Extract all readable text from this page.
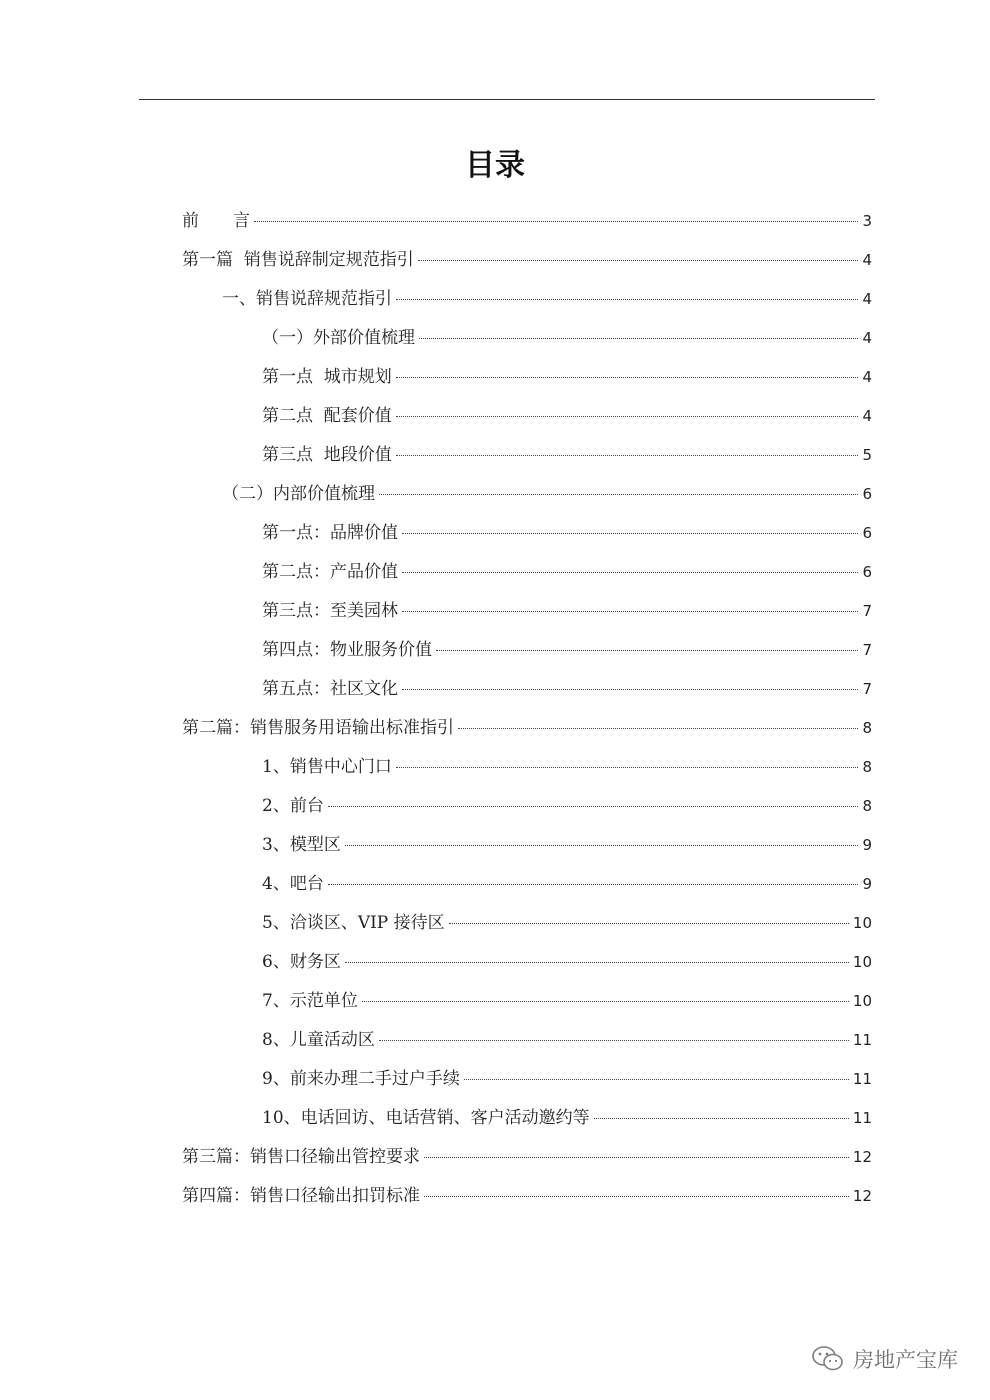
目录
前　　言	3
第一篇  销售说辞制定规范指引	4
一、销售说辞规范指引	4
（一）外部价值梳理	4
第一点  城市规划	4
第二点  配套价值	4
第三点  地段价值	5
（二）内部价值梳理	6
第一点：品牌价值	6
第二点：产品价值	6
第三点：至美园林	7
第四点：物业服务价值	7
第五点：社区文化	7
第二篇：销售服务用语输出标准指引	8
1、销售中心门口	8
2、前台	8
3、模型区	9
4、吧台	9
5、洽谈区、VIP 接待区	10
6、财务区	10
7、示范单位	10
8、儿童活动区	11
9、前来办理二手过户手续	11
10、电话回访、电话营销、客户活动邀约等	11
第三篇：销售口径输出管控要求	12
第四篇：销售口径输出扣罚标准	12
房地产宝库
